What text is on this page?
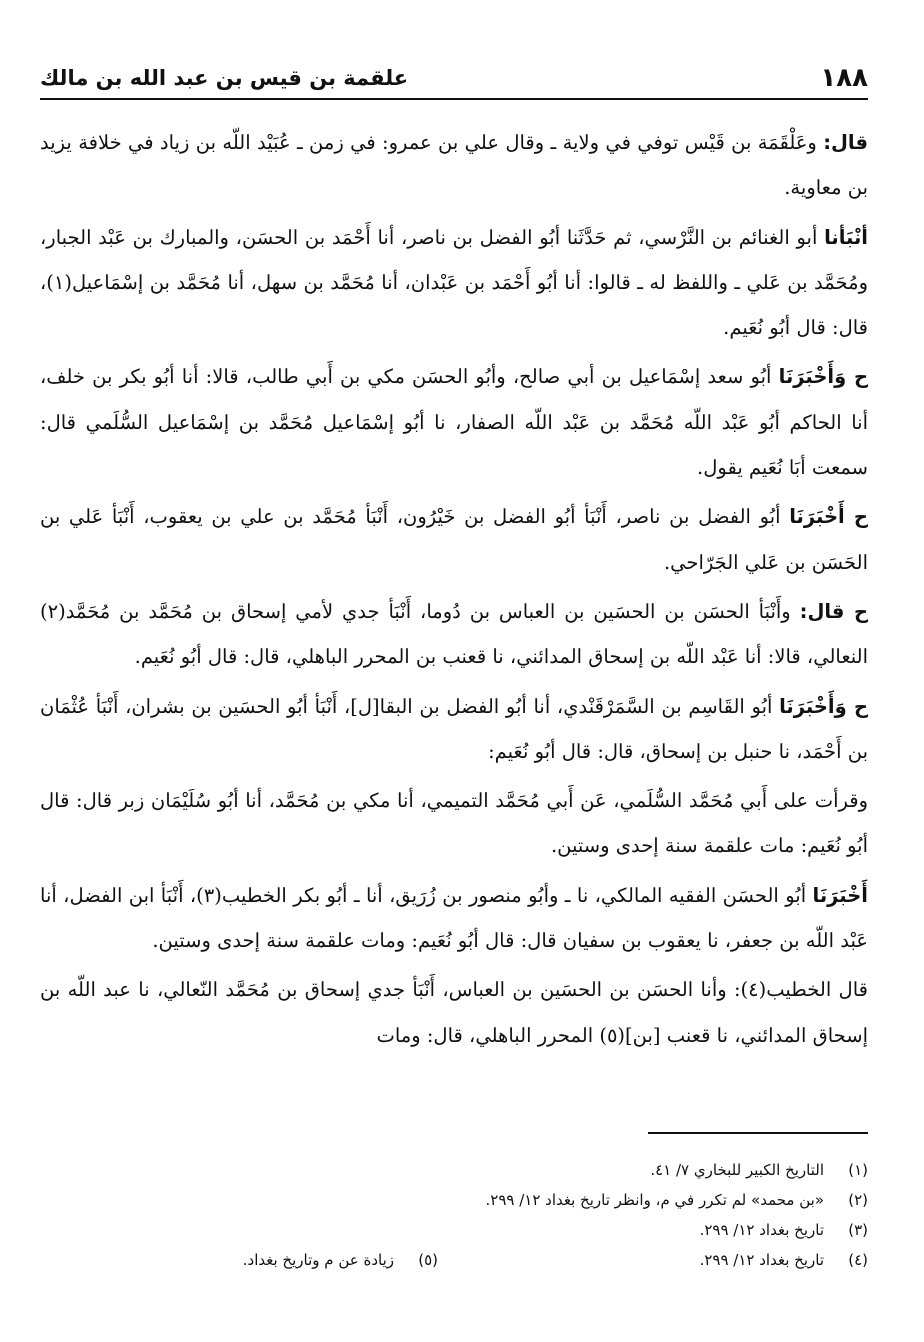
١٨٨
علقمة بن قيس بن عبد الله بن مالك

قال: وعَلْقَمَة بن قَيْس توفي في ولاية ـ وقال علي بن عمرو: في زمن ـ عُبَيْد اللّه بن زياد في خلافة يزيد بن معاوية.

أنْبَأنا أبو الغنائم بن النَّرْسي، ثم حَدَّثَنا أبُو الفضل بن ناصر، أنا أَحْمَد بن الحسَن، والمبارك بن عَبْد الجبار، ومُحَمَّد بن عَلي ـ واللفظ له ـ قالوا: أنا أبُو أَحْمَد بن عَبْدان، أنا مُحَمَّد بن سهل، أنا مُحَمَّد بن إسْمَاعيل(١)، قال: قال أبُو نُعَيم.

ح وَأَخْبَرَنَا أبُو سعد إسْمَاعيل بن أبي صالح، وأبُو الحسَن مكي بن أَبي طالب، قالا: أنا أبُو بكر بن خلف، أنا الحاكم أبُو عَبْد اللّه مُحَمَّد بن عَبْد اللّه الصفار، نا أبُو إسْمَاعيل مُحَمَّد بن إسْمَاعيل السُّلَمي قال: سمعت أبَا نُعَيم يقول.

ح أَخْبَرَنَا أبُو الفضل بن ناصر، أَنْبَأ أبُو الفضل بن خَيْرُون، أَنْبَأ مُحَمَّد بن علي بن يعقوب، أَنْبَأ عَلي بن الحَسَن بن عَلي الجَرّاحي.

ح قال: وأَنْبَأ الحسَن بن الحسَين بن العباس بن دُوما، أَنْبَأ جدي لأمي إسحاق بن مُحَمَّد بن مُحَمَّد(٢) النعالي، قالا: أنا عَبْد اللّه بن إسحاق المدائني، نا قعنب بن المحرر الباهلي، قال: قال أبُو نُعَيم.

ح وَأَخْبَرَنَا أبُو القَاسِم بن السَّمَرْقَنْدي، أنا أبُو الفضل بن البقا[ل]، أَنْبَأ أبُو الحسَين بن بشران، أَنْبَأ عُثْمَان بن أَحْمَد، نا حنبل بن إسحاق، قال: قال أبُو نُعَيم:

وقرأت على أَبي مُحَمَّد السُّلَمي، عَن أَبي مُحَمَّد التميمي، أنا مكي بن مُحَمَّد، أنا أبُو سُلَيْمَان زبر قال: قال أبُو نُعَيم: مات علقمة سنة إحدى وستين.

أَخْبَرَنَا أبُو الحسَن الفقيه المالكي، نا ـ وأبُو منصور بن زُرَيق، أنا ـ أبُو بكر الخطيب(٣)، أَنْبَأ ابن الفضل، أنا عَبْد اللّه بن جعفر، نا يعقوب بن سفيان قال: قال أبُو نُعَيم: ومات علقمة سنة إحدى وستين.

قال الخطيب(٤): وأنا الحسَن بن الحسَين بن العباس، أَنْبَأ جدي إسحاق بن مُحَمَّد النّعالي، نا عبد اللّه بن إسحاق المدائني، نا قعنب [بن](٥) المحرر الباهلي، قال: ومات

(١)التاريخ الكبير للبخاري ٧/ ٤١.
(٢)«بن محمد» لم تكرر في م، وانظر تاريخ بغداد ١٢/ ٢٩٩.
(٣)تاريخ بغداد ١٢/ ٢٩٩.
(٤)تاريخ بغداد ١٢/ ٢٩٩.
(٥)زيادة عن م وتاريخ بغداد.
